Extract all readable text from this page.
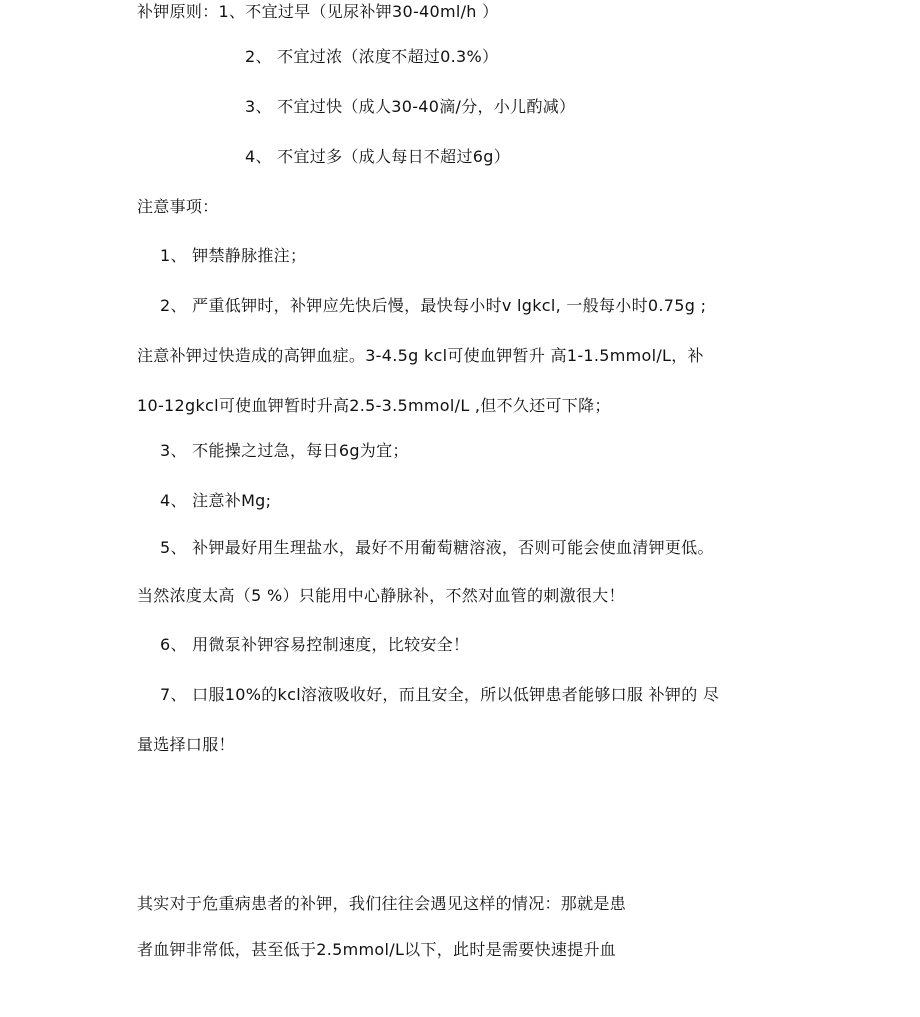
补钾原则：1、不宜过早（见尿补钾30-40ml/h ）
2、 不宜过浓（浓度不超过0.3%）
3、 不宜过快（成人30-40滴/分，小儿酌减）
4、 不宜过多（成人每日不超过6g）
注意事项：
1、 钾禁静脉推注；
2、 严重低钾时，补钾应先快后慢，最快每小时v lgkcl, 一般每小时0.75g ;
注意补钾过快造成的高钾血症。3-4.5g kcl可使血钾暂升 高1-1.5mmol/L，补
10-12gkcl可使血钾暂时升高2.5-3.5mmol/L ,但不久还可下降；
3、 不能操之过急，每日6g为宜；
4、 注意补Mg;
5、 补钾最好用生理盐水，最好不用葡萄糖溶液，否则可能会使血清钾更低。
当然浓度太高（5 %）只能用中心静脉补，不然对血管的刺激很大！
6、 用微泵补钾容易控制速度，比较安全！
7、 口服10%的kcl溶液吸收好，而且安全，所以低钾患者能够口服 补钾的 尽
量选择口服！
其实对于危重病患者的补钾，我们往往会遇见这样的情况：那就是患
者血钾非常低，甚至低于2.5mmol/L以下，此时是需要快速提升血
